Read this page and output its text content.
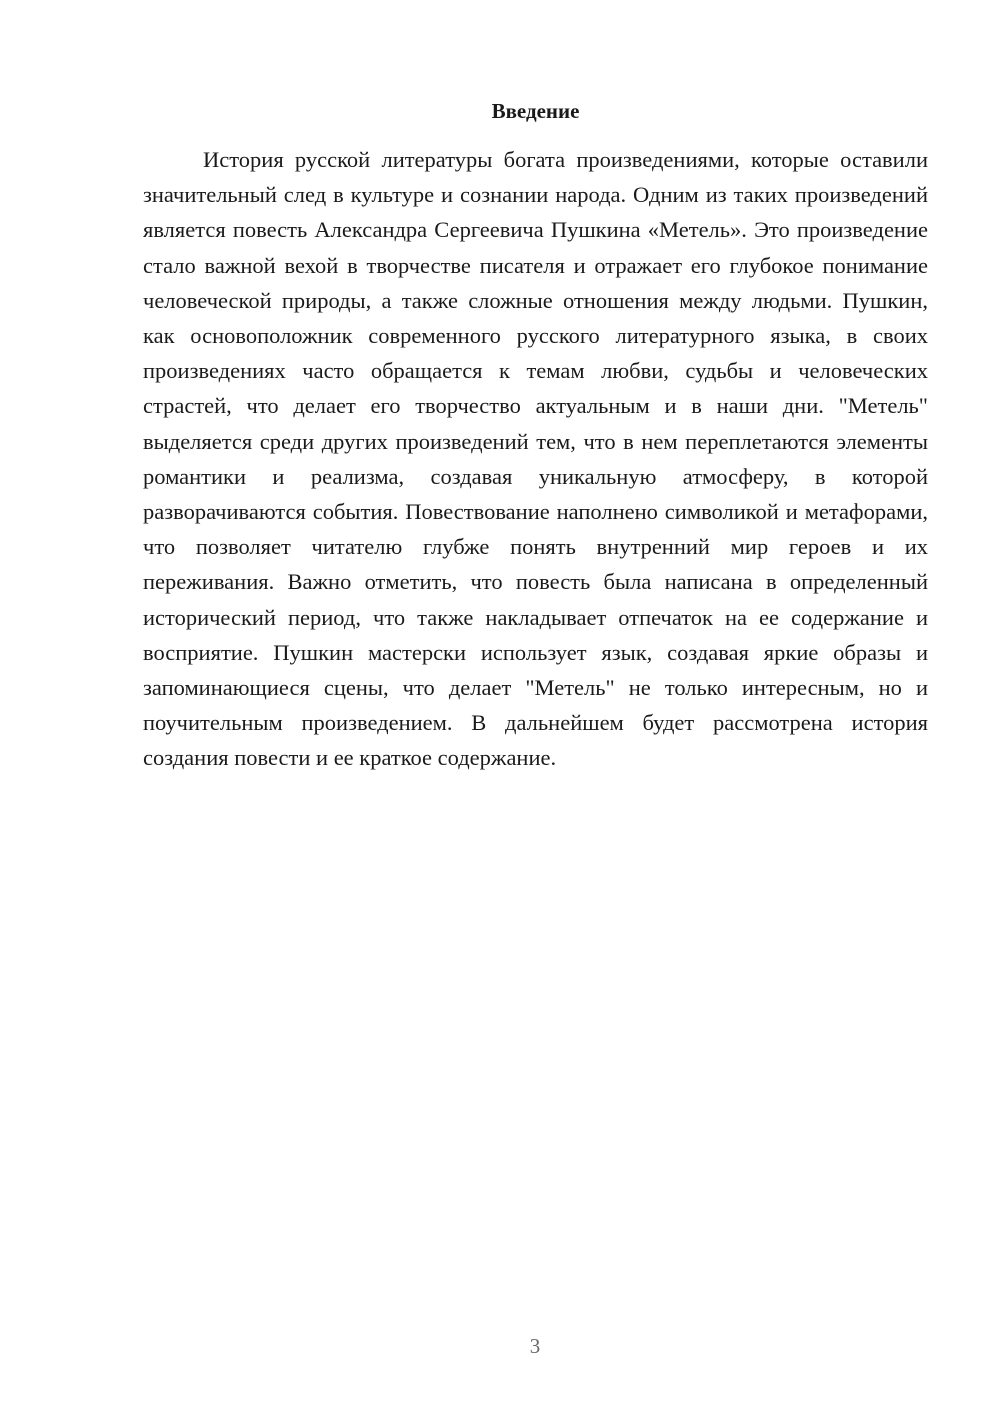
Введение

История русской литературы богата произведениями, которые оставили значительный след в культуре и сознании народа. Одним из таких произведений является повесть Александра Сергеевича Пушкина «Метель». Это произведение стало важной вехой в творчестве писателя и отражает его глубокое понимание человеческой природы, а также сложные отношения между людьми. Пушкин, как основоположник современного русского литературного языка, в своих произведениях часто обращается к темам любви, судьбы и человеческих страстей, что делает его творчество актуальным и в наши дни. "Метель" выделяется среди других произведений тем, что в нем переплетаются элементы романтики и реализма, создавая уникальную атмосферу, в которой разворачиваются события. Повествование наполнено символикой и метафорами, что позволяет читателю глубже понять внутренний мир героев и их переживания. Важно отметить, что повесть была написана в определенный исторический период, что также накладывает отпечаток на ее содержание и восприятие. Пушкин мастерски использует язык, создавая яркие образы и запоминающиеся сцены, что делает "Метель" не только интересным, но и поучительным произведением. В дальнейшем будет рассмотрена история создания повести и ее краткое содержание.

3
